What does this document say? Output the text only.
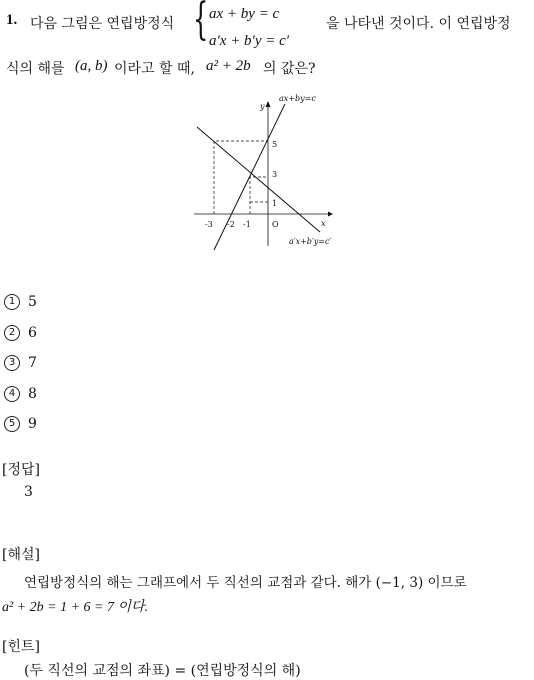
1. 다음 그림은 연립방정식 { ax + by = c
a′x + b′y = c′
을 나타낸 것이다. 이 연립방정
식의 해를 (a, b) 이라고 할 때, a² + 2b 의 값은?
y
x
ax+by=c
a′x+b′y=c′
O
-3 -2 -1
5
3
1
1 5
2 6
3 7
4 8
5 9
[정답]
3
[해설]
연립방정식의 해는 그래프에서 두 직선의 교점과 같다. 해가 (−1, 3) 이므로
a² + 2b = 1 + 6 = 7 이다.
[힌트]
(두 직선의 교점의 좌표) = (연립방정식의 해)
